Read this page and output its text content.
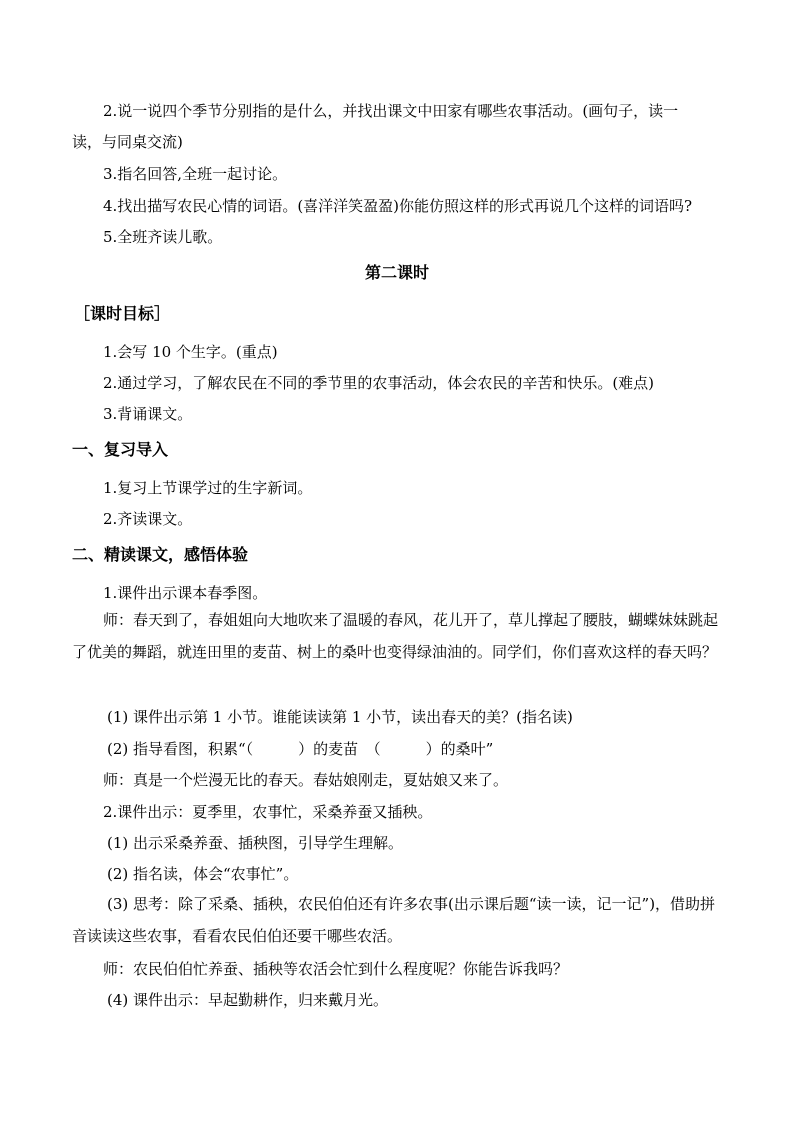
2.说一说四个季节分别指的是什么，并找出课文中田家有哪些农事活动。(画句子，读一
读，与同桌交流)
3.指名回答,全班一起讨论。
4.找出描写农民心情的词语。(喜洋洋笑盈盈)你能仿照这样的形式再说几个这样的词语吗?
5.全班齐读儿歌。
第二课时
［课时目标］
1.会写 10 个生字。(重点)
2.通过学习，了解农民在不同的季节里的农事活动，体会农民的辛苦和快乐。(难点)
3.背诵课文。
一、复习导入
1.复习上节课学过的生字新词。
2.齐读课文。
二、精读课文，感悟体验
1.课件出示课本春季图。
师：春天到了，春姐姐向大地吹来了温暖的春风，花儿开了，草儿撑起了腰肢，蝴蝶妹妹跳起了优美的舞蹈，就连田里的麦苗、树上的桑叶也变得绿油油的。同学们，你们喜欢这样的春天吗？
(1) 课件出示第 1 小节。谁能读读第 1 小节，读出春天的美？(指名读)
(2) 指导看图，积累“（　　　）的麦苗　（　　　）的桑叶”
师：真是一个烂漫无比的春天。春姑娘刚走，夏姑娘又来了。
2.课件出示：夏季里，农事忙，采桑养蚕又插秧。
(1) 出示采桑养蚕、插秧图，引导学生理解。
(2) 指名读，体会“农事忙”。
(3) 思考：除了采桑、插秧，农民伯伯还有许多农事(出示课后题“读一读，记一记”)，借助拼音读读这些农事，看看农民伯伯还要干哪些农活。
师：农民伯伯忙养蚕、插秧等农活会忙到什么程度呢？你能告诉我吗？
(4) 课件出示：早起勤耕作，归来戴月光。
